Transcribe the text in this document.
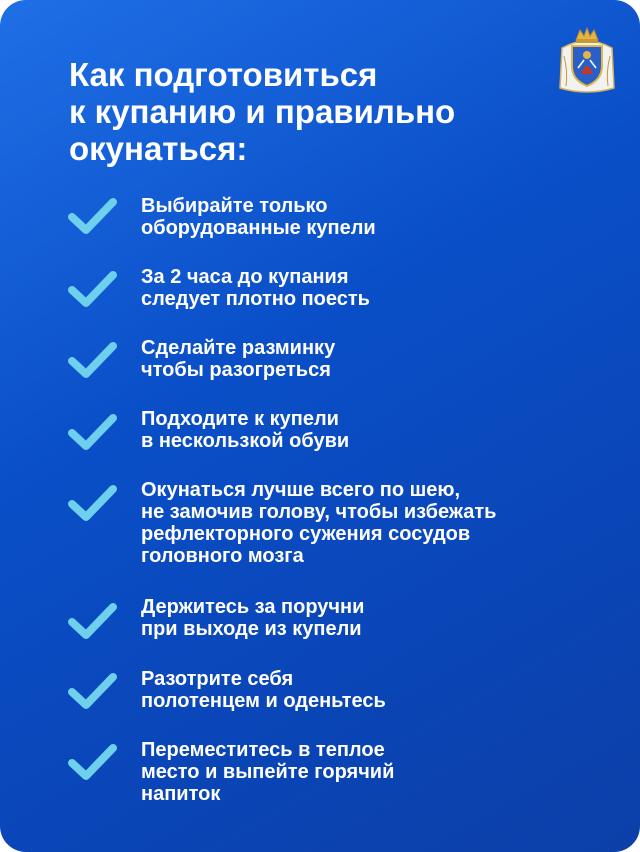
Как подготовиться
к купанию и правильно
окунаться:
Выбирайте только
оборудованные купели
За 2 часа до купания
следует плотно поесть
Сделайте разминку
чтобы разогреться
Подходите к купели
в нескользкой обуви
Окунаться лучше всего по шею,
не замочив голову, чтобы избежать
рефлекторного сужения сосудов
головного мозга
Держитесь за поручни
при выходе из купели
Разотрите себя
полотенцем и оденьтесь
Переместитесь в теплое
место и выпейте горячий
напиток
